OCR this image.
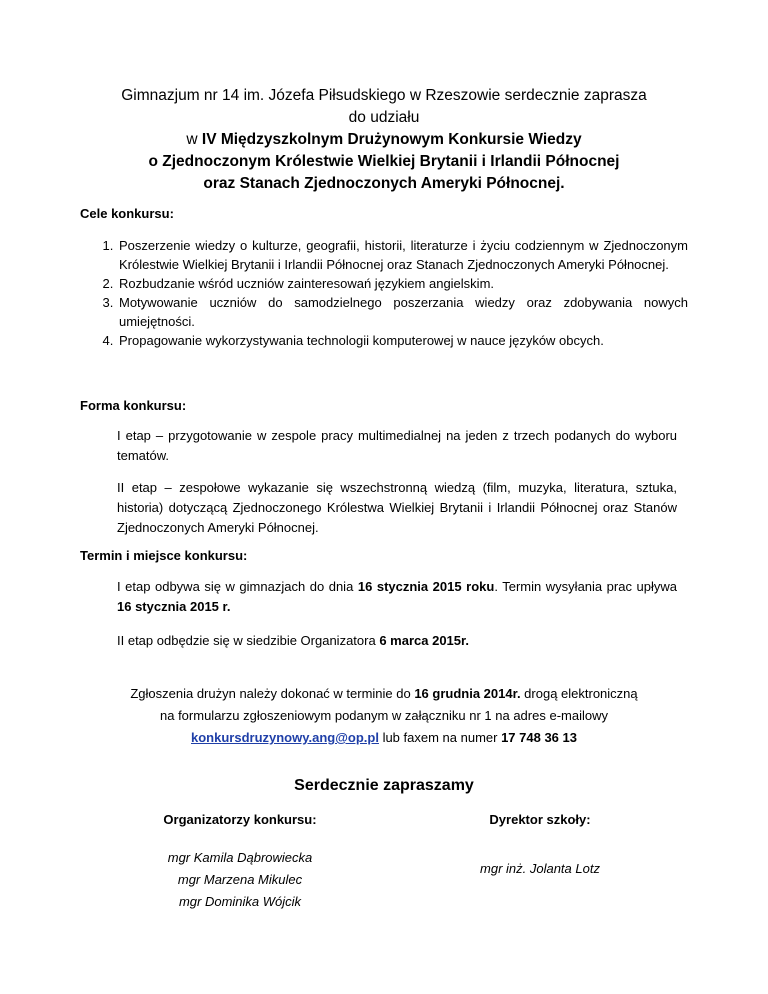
Gimnazjum nr 14 im. Józefa Piłsudskiego w Rzeszowie serdecznie zaprasza
do udziału
w IV Międzyszkolnym Drużynowym Konkursie Wiedzy
o Zjednoczonym Królestwie Wielkiej Brytanii i Irlandii Północnej
oraz Stanach Zjednoczonych Ameryki Północnej.
Cele konkursu:
1. Poszerzenie wiedzy o kulturze, geografii, historii, literaturze i życiu codziennym w Zjednoczonym Królestwie Wielkiej Brytanii i Irlandii Północnej oraz Stanach Zjednoczonych Ameryki Północnej.
2. Rozbudzanie wśród uczniów zainteresowań językiem angielskim.
3. Motywowanie uczniów do samodzielnego poszerzania wiedzy oraz zdobywania nowych umiejętności.
4. Propagowanie wykorzystywania technologii komputerowej w nauce języków obcych.
Forma konkursu:
I etap – przygotowanie w zespole pracy multimedialnej na jeden z trzech podanych do wyboru tematów.
II etap – zespołowe wykazanie się wszechstronną wiedzą (film, muzyka, literatura, sztuka, historia) dotyczącą Zjednoczonego Królestwa Wielkiej Brytanii i Irlandii Północnej oraz Stanów Zjednoczonych Ameryki Północnej.
Termin i miejsce konkursu:
I etap odbywa się w gimnazjach do dnia 16 stycznia 2015 roku. Termin wysyłania prac upływa 16 stycznia 2015 r.
II etap odbędzie się w siedzibie Organizatora 6 marca 2015r.
Zgłoszenia drużyn należy dokonać w terminie do 16 grudnia 2014r. drogą elektroniczną
na formularzu zgłoszeniowym podanym w załączniku nr 1 na adres e-mailowy
konkursdruzynowy.ang@op.pl lub faxem na numer 17 748 36 13
Serdecznie zapraszamy
Organizatorzy konkursu:
mgr Kamila Dąbrowiecka
mgr Marzena Mikulec
mgr Dominika Wójcik
Dyrektor szkoły:
mgr inż. Jolanta Lotz
